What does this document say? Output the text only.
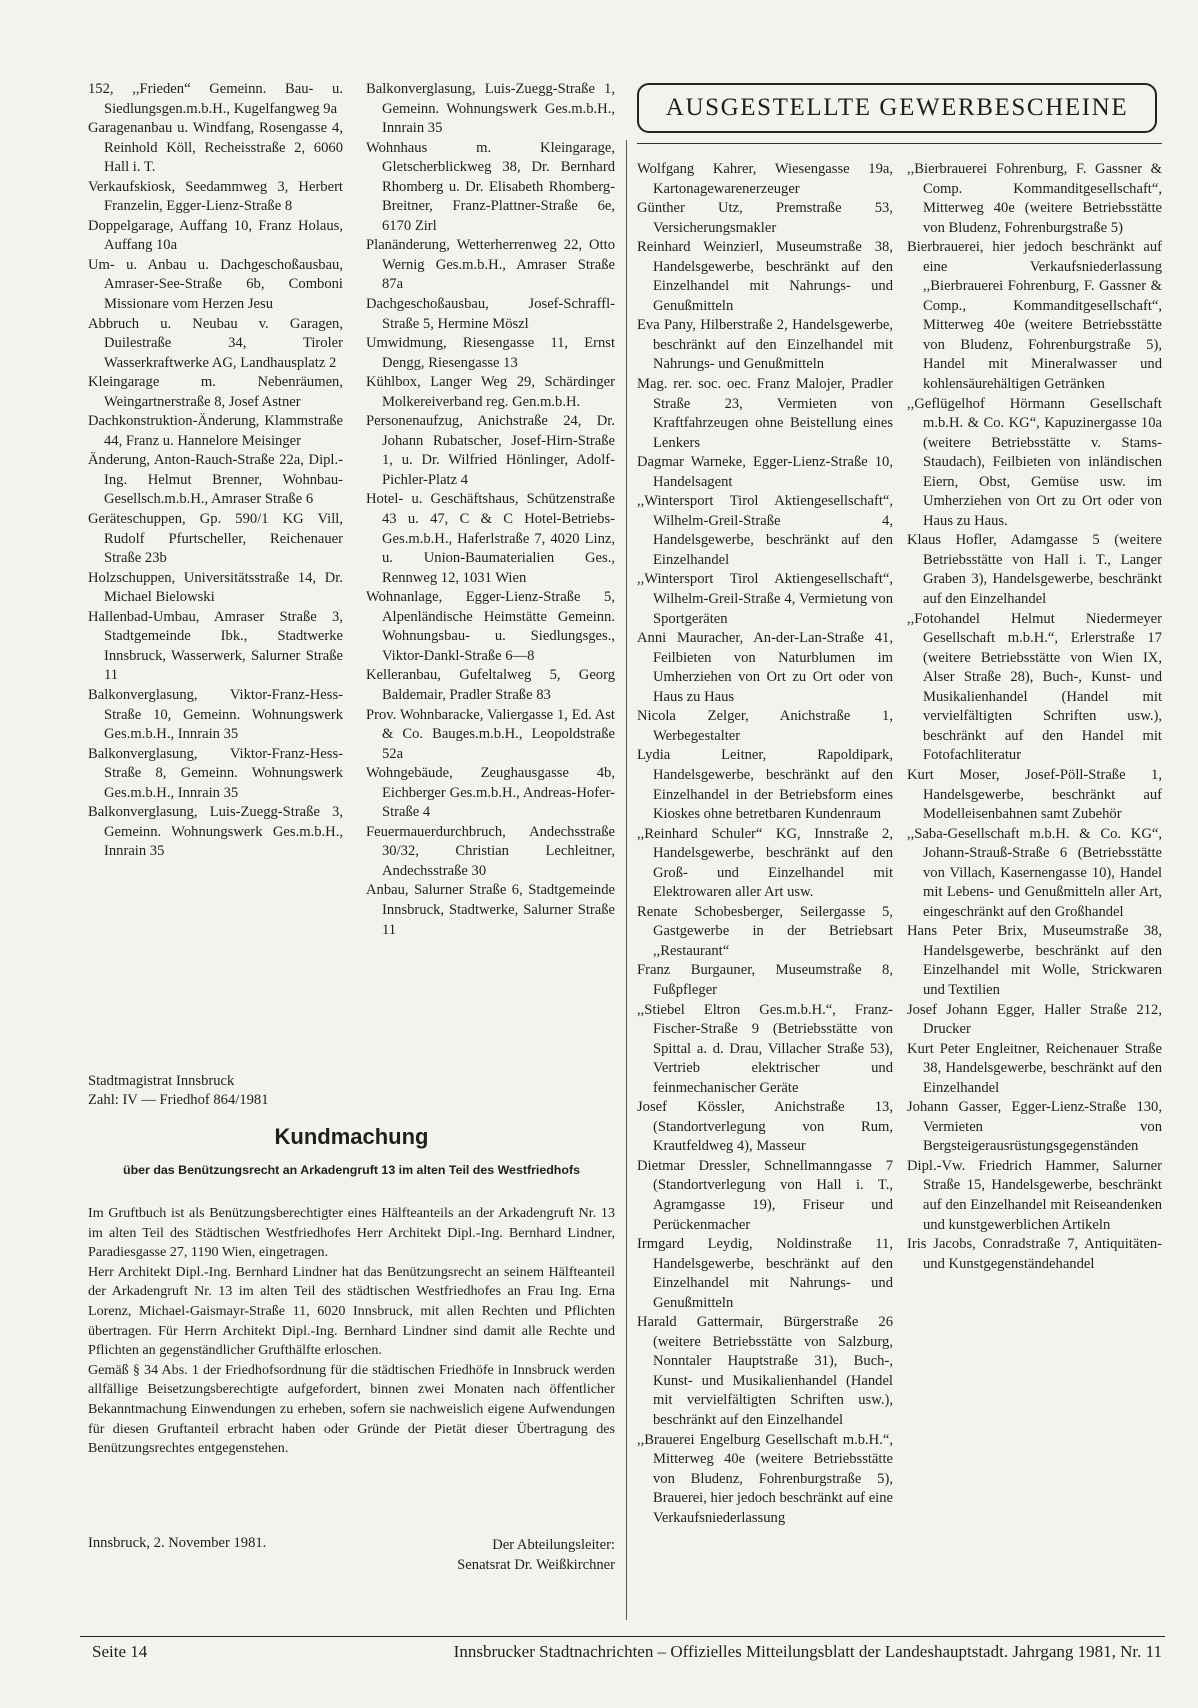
152, ,,Frieden“ Gemeinn. Bau- u. Siedlungsgen.m.b.H., Kugelfangweg 9a
Garagenanbau u. Windfang, Rosengasse 4, Reinhold Köll, Recheisstraße 2, 6060 Hall i. T.
Verkaufskiosk, Seedammweg 3, Herbert Franzelin, Egger-Lienz-Straße 8
Doppelgarage, Auffang 10, Franz Holaus, Auffang 10a
Um- u. Anbau u. Dachgeschoßausbau, Amraser-See-Straße 6b, Comboni Missionare vom Herzen Jesu
Abbruch u. Neubau v. Garagen, Duilestraße 34, Tiroler Wasserkraftwerke AG, Landhausplatz 2
Kleingarage m. Nebenräumen, Weingartnerstraße 8, Josef Astner
Dachkonstruktion-Änderung, Klammstraße 44, Franz u. Hannelore Meisinger
Änderung, Anton-Rauch-Straße 22a, Dipl.-Ing. Helmut Brenner, Wohnbau-Gesellsch.m.b.H., Amraser Straße 6
Geräteschuppen, Gp. 590/1 KG Vill, Rudolf Pfurtscheller, Reichenauer Straße 23b
Holzschuppen, Universitätsstraße 14, Dr. Michael Bielowski
Hallenbad-Umbau, Amraser Straße 3, Stadtgemeinde Ibk., Stadtwerke Innsbruck, Wasserwerk, Salurner Straße 11
Balkonverglasung, Viktor-Franz-Hess-Straße 10, Gemeinn. Wohnungswerk Ges.m.b.H., Innrain 35
Balkonverglasung, Viktor-Franz-Hess-Straße 8, Gemeinn. Wohnungswerk Ges.m.b.H., Innrain 35
Balkonverglasung, Luis-Zuegg-Straße 3, Gemeinn. Wohnungswerk Ges.m.b.H., Innrain 35
Balkonverglasung, Luis-Zuegg-Straße 1, Gemeinn. Wohnungswerk Ges.m.b.H., Innrain 35
Wohnhaus m. Kleingarage, Gletscherblickweg 38, Dr. Bernhard Rhomberg u. Dr. Elisabeth Rhomberg-Breitner, Franz-Plattner-Straße 6e, 6170 Zirl
Planänderung, Wetterherrenweg 22, Otto Wernig Ges.m.b.H., Amraser Straße 87a
Dachgeschoßausbau, Josef-Schraffl-Straße 5, Hermine Möszl
Umwidmung, Riesengasse 11, Ernst Dengg, Riesengasse 13
Kühlbox, Langer Weg 29, Schärdinger Molkereiverband reg. Gen.m.b.H.
Personenaufzug, Anichstraße 24, Dr. Johann Rubatscher, Josef-Hirn-Straße 1, u. Dr. Wilfried Hönlinger, Adolf-Pichler-Platz 4
Hotel- u. Geschäftshaus, Schützenstraße 43 u. 47, C & C Hotel-Betriebs-Ges.m.b.H., Haferlstraße 7, 4020 Linz, u. Union-Baumaterialien Ges., Rennweg 12, 1031 Wien
Wohnanlage, Egger-Lienz-Straße 5, Alpenländische Heimstätte Gemeinn. Wohnungsbau- u. Siedlungsges., Viktor-Dankl-Straße 6—8
Kelleranbau, Gufeltalweg 5, Georg Baldemair, Pradler Straße 83
Prov. Wohnbaracke, Valiergasse 1, Ed. Ast & Co. Bauges.m.b.H., Leopoldstraße 52a
Wohngebäude, Zeughausgasse 4b, Eichberger Ges.m.b.H., Andreas-Hofer-Straße 4
Feuermauerdurchbruch, Andechsstraße 30/32, Christian Lechleitner, Andechsstraße 30
Anbau, Salurner Straße 6, Stadtgemeinde Innsbruck, Stadtwerke, Salurner Straße 11
AUSGESTELLTE GEWERBESCHEINE
Wolfgang Kahrer, Wiesengasse 19a, Kartonagewarenerzeuger
Günther Utz, Premstraße 53, Versicherungsmakler
Reinhard Weinzierl, Museumstraße 38, Handelsgewerbe, beschränkt auf den Einzelhandel mit Nahrungs- und Genußmitteln
Eva Pany, Hilberstraße 2, Handelsgewerbe, beschränkt auf den Einzelhandel mit Nahrungs- und Genußmitteln
Mag. rer. soc. oec. Franz Malojer, Pradler Straße 23, Vermieten von Kraftfahrzeugen ohne Beistellung eines Lenkers
Dagmar Warneke, Egger-Lienz-Straße 10, Handelsagent
,,Wintersport Tirol Aktiengesellschaft“, Wilhelm-Greil-Straße 4, Handelsgewerbe, beschränkt auf den Einzelhandel
,,Wintersport Tirol Aktiengesellschaft“, Wilhelm-Greil-Straße 4, Vermietung von Sportgeräten
Anni Mauracher, An-der-Lan-Straße 41, Feilbieten von Naturblumen im Umherziehen von Ort zu Ort oder von Haus zu Haus
Nicola Zelger, Anichstraße 1, Werbegestalter
Lydia Leitner, Rapoldipark, Handelsgewerbe, beschränkt auf den Einzelhandel in der Betriebsform eines Kioskes ohne betretbaren Kundenraum
,,Reinhard Schuler“ KG, Innstraße 2, Handelsgewerbe, beschränkt auf den Groß- und Einzelhandel mit Elektrowaren aller Art usw.
Renate Schobesberger, Seilergasse 5, Gastgewerbe in der Betriebsart ,,Restaurant“
Franz Burgauner, Museumstraße 8, Fußpfleger
,,Stiebel Eltron Ges.m.b.H.“, Franz-Fischer-Straße 9 (Betriebsstätte von Spittal a. d. Drau, Villacher Straße 53), Vertrieb elektrischer und feinmechanischer Geräte
Josef Kössler, Anichstraße 13, (Standortverlegung von Rum, Krautfeldweg 4), Masseur
Dietmar Dressler, Schnellmanngasse 7 (Standortverlegung von Hall i. T., Agramgasse 19), Friseur und Perückenmacher
Irmgard Leydig, Noldinstraße 11, Handelsgewerbe, beschränkt auf den Einzelhandel mit Nahrungs- und Genußmitteln
Harald Gattermair, Bürgerstraße 26 (weitere Betriebsstätte von Salzburg, Nonntaler Hauptstraße 31), Buch-, Kunst- und Musikalienhandel (Handel mit vervielfältigten Schriften usw.), beschränkt auf den Einzelhandel
,,Brauerei Engelburg Gesellschaft m.b.H.“, Mitterweg 40e (weitere Betriebsstätte von Bludenz, Fohrenburgstraße 5), Brauerei, hier jedoch beschränkt auf eine Verkaufsniederlassung
,,Bierbrauerei Fohrenburg, F. Gassner & Comp. Kommanditgesellschaft“, Mitterweg 40e (weitere Betriebsstätte von Bludenz, Fohrenburgstraße 5)
Bierbrauerei, hier jedoch beschränkt auf eine Verkaufsniederlassung ,,Bierbrauerei Fohrenburg, F. Gassner & Comp., Kommanditgesellschaft“, Mitterweg 40e (weitere Betriebsstätte von Bludenz, Fohrenburgstraße 5), Handel mit Mineralwasser und kohlensäurehältigen Getränken
,,Geflügelhof Hörmann Gesellschaft m.b.H. & Co. KG“, Kapuzinergasse 10a (weitere Betriebsstätte v. Stams-Staudach), Feilbieten von inländischen Eiern, Obst, Gemüse usw. im Umherziehen von Ort zu Ort oder von Haus zu Haus.
Klaus Hofler, Adamgasse 5 (weitere Betriebsstätte von Hall i. T., Langer Graben 3), Handelsgewerbe, beschränkt auf den Einzelhandel
,,Fotohandel Helmut Niedermeyer Gesellschaft m.b.H.“, Erlerstraße 17 (weitere Betriebsstätte von Wien IX, Alser Straße 28), Buch-, Kunst- und Musikalienhandel (Handel mit vervielfältigten Schriften usw.), beschränkt auf den Handel mit Fotofachliteratur
Kurt Moser, Josef-Pöll-Straße 1, Handelsgewerbe, beschränkt auf Modelleisenbahnen samt Zubehör
,,Saba-Gesellschaft m.b.H. & Co. KG“, Johann-Strauß-Straße 6 (Betriebsstätte von Villach, Kasernengasse 10), Handel mit Lebens- und Genußmitteln aller Art, eingeschränkt auf den Großhandel
Hans Peter Brix, Museumstraße 38, Handelsgewerbe, beschränkt auf den Einzelhandel mit Wolle, Strickwaren und Textilien
Josef Johann Egger, Haller Straße 212, Drucker
Kurt Peter Engleitner, Reichenauer Straße 38, Handelsgewerbe, beschränkt auf den Einzelhandel
Johann Gasser, Egger-Lienz-Straße 130, Vermieten von Bergsteigerausrüstungsgegenständen
Dipl.-Vw. Friedrich Hammer, Salurner Straße 15, Handelsgewerbe, beschränkt auf den Einzelhandel mit Reiseandenken und kunstgewerblichen Artikeln
Iris Jacobs, Conradstraße 7, Antiquitäten- und Kunstgegenständehandel
Stadtmagistrat Innsbruck
Zahl: IV — Friedhof 864/1981
Kundmachung
über das Benützungsrecht an Arkadengruft 13 im alten Teil des Westfriedhofs

Im Gruftbuch ist als Benützungsberechtigter eines Hälfteanteils an der Arkadengruft Nr. 13 im alten Teil des Städtischen Westfriedhofes Herr Architekt Dipl.-Ing. Bernhard Lindner, Paradiesgasse 27, 1190 Wien, eingetragen.

Herr Architekt Dipl.-Ing. Bernhard Lindner hat das Benützungsrecht an seinem Hälfteanteil der Arkadengruft Nr. 13 im alten Teil des städtischen Westfriedhofes an Frau Ing. Erna Lorenz, Michael-Gaismayr-Straße 11, 6020 Innsbruck, mit allen Rechten und Pflichten übertragen. Für Herrn Architekt Dipl.-Ing. Bernhard Lindner sind damit alle Rechte und Pflichten an gegenständlicher Grufthälfte erloschen.

Gemäß § 34 Abs. 1 der Friedhofsordnung für die städtischen Friedhöfe in Innsbruck werden allfällige Beisetzungsberechtigte aufgefordert, binnen zwei Monaten nach öffentlicher Bekanntmachung Einwendungen zu erheben, sofern sie nachweislich eigene Aufwendungen für diesen Gruftanteil erbracht haben oder Gründe der Pietät dieser Übertragung des Benützungsrechtes entgegenstehen.

Innsbruck, 2. November 1981.	Der Abteilungsleiter:
Senatsrat Dr. Weißkirchner
Seite 14	Innsbrucker Stadtnachrichten – Offizielles Mitteilungsblatt der Landeshauptstadt. Jahrgang 1981, Nr. 11
